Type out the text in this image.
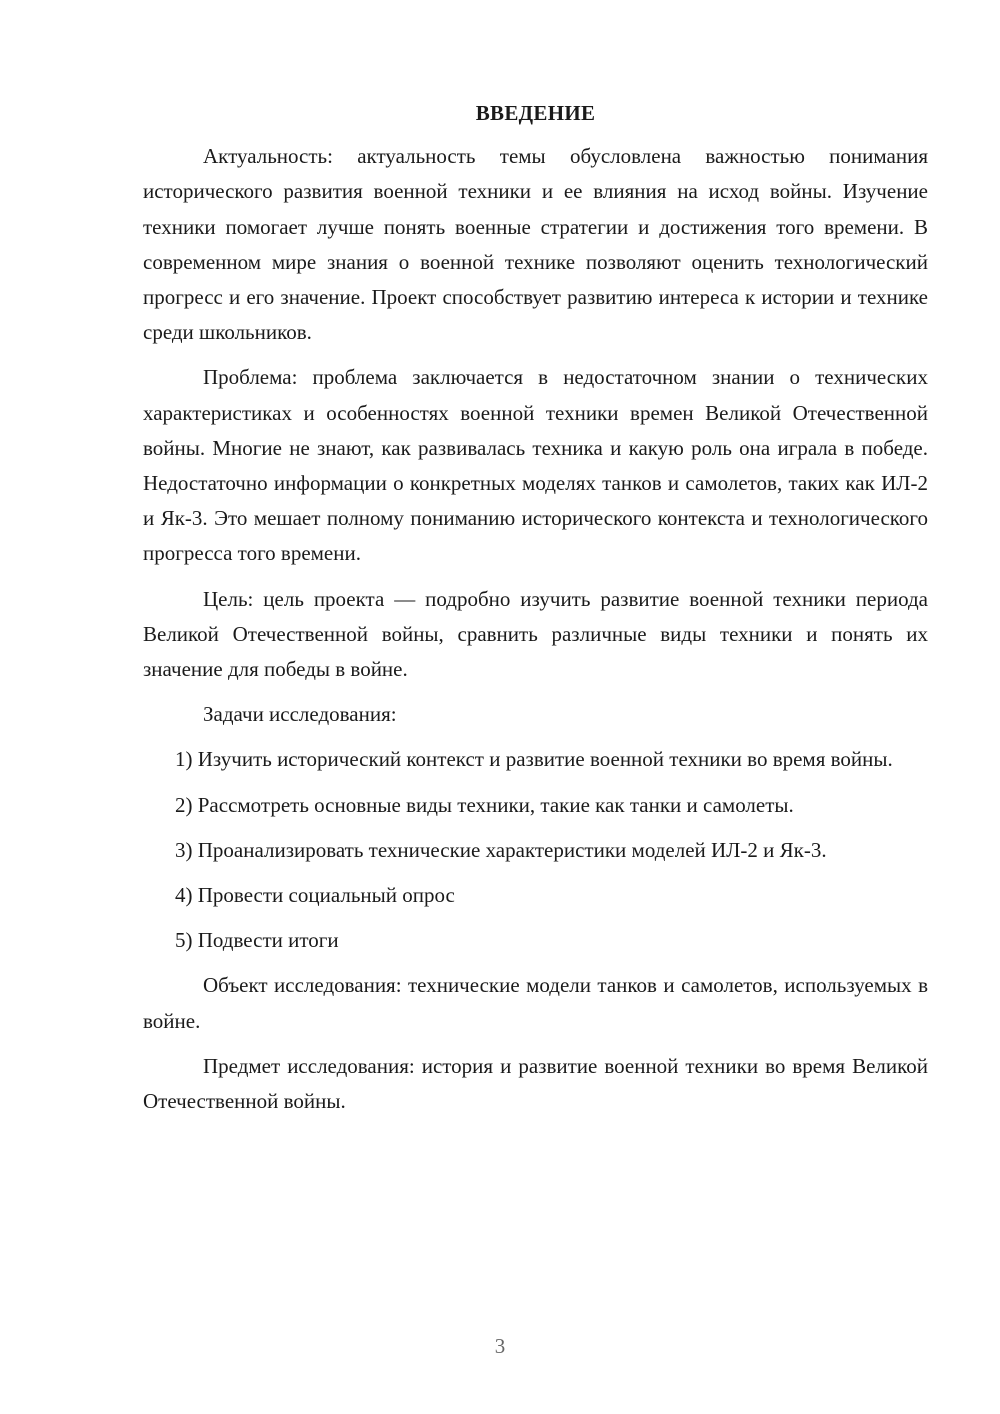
ВВЕДЕНИЕ

Актуальность: актуальность темы обусловлена важностью понимания исторического развития военной техники и ее влияния на исход войны. Изучение техники помогает лучше понять военные стратегии и достижения того времени. В современном мире знания о военной технике позволяют оценить технологический прогресс и его значение. Проект способствует развитию интереса к истории и технике среди школьников.

Проблема: проблема заключается в недостаточном знании о технических характеристиках и особенностях военной техники времен Великой Отечественной войны. Многие не знают, как развивалась техника и какую роль она играла в победе. Недостаточно информации о конкретных моделях танков и самолетов, таких как ИЛ-2 и Як-3. Это мешает полному пониманию исторического контекста и технологического прогресса того времени.

Цель: цель проекта — подробно изучить развитие военной техники периода Великой Отечественной войны, сравнить различные виды техники и понять их значение для победы в войне.

Задачи исследования:

1) Изучить исторический контекст и развитие военной техники во время войны.

2) Рассмотреть основные виды техники, такие как танки и самолеты.

3) Проанализировать технические характеристики моделей ИЛ-2 и Як-3.

4) Провести социальный опрос

5) Подвести итоги

Объект исследования: технические модели танков и самолетов, используемых в войне.

Предмет исследования: история и развитие военной техники во время Великой Отечественной войны.

3
